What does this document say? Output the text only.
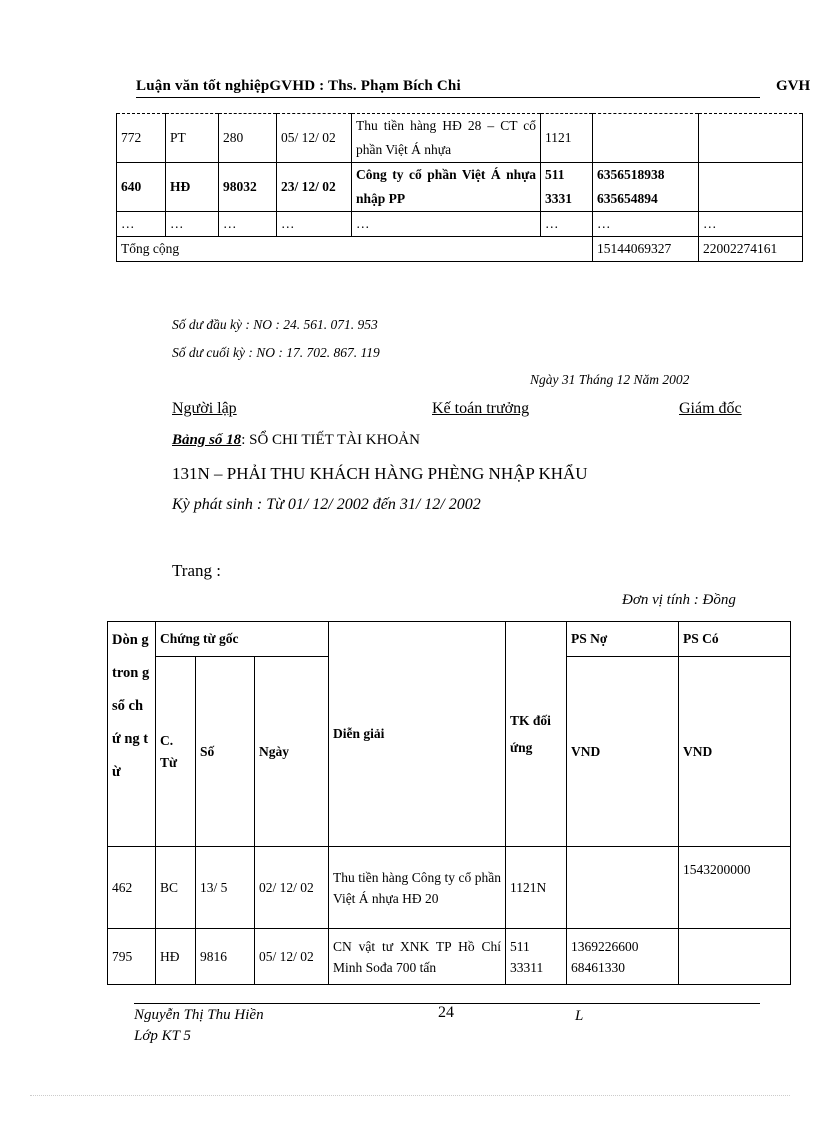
Luận văn tốt nghiệpGVHD : Ths. Phạm Bích Chi	GVH
772	PT	280	05/ 12/ 02	Thu tiền hàng HĐ 28 – CT cổ phần Việt Á nhựa	1121		
640	HĐ	98032	23/ 12/ 02	Công ty cổ phần Việt Á nhựa nhập PP	511 3331	6356518938 635654894	
…	…	…	…	…	…	…	…
Tổng cộng						15144069327	22002274161
Số dư đầu kỳ : NO : 24. 561. 071. 953
Số dư cuối kỳ : NO : 17. 702. 867. 119
Ngày 31 Tháng 12 Năm 2002
Người lập	Kế toán trưởng	Giám đốc
Bảng số 18: SỔ CHI TIẾT TÀI KHOẢN
131N – PHẢI THU KHÁCH HÀNG PHÈNG NHẬP KHẨU
Kỳ phát sinh : Từ 01/ 12/ 2002 đến 31/ 12/ 2002
Trang :
Đơn vị tính : Đồng
Dòn g tron g sổ chứ ng từ	Chứng từ gốc			Diễn giải	TK đối ứng	PS Nợ	PS Có
	C. Từ	Số	Ngày			VND	VND
462	BC	13/ 5	02/ 12/ 02	Thu tiền hàng Công ty cổ phần Việt Á nhựa HĐ 20	1121N		1543200000
795	HĐ	9816	05/ 12/ 02	CN vật tư XNK TP Hồ Chí Minh Sođa 700 tấn	511 33311	1369226600 68461330	
Nguyễn Thị Thu Hiền
Lớp KT 5
24	L
